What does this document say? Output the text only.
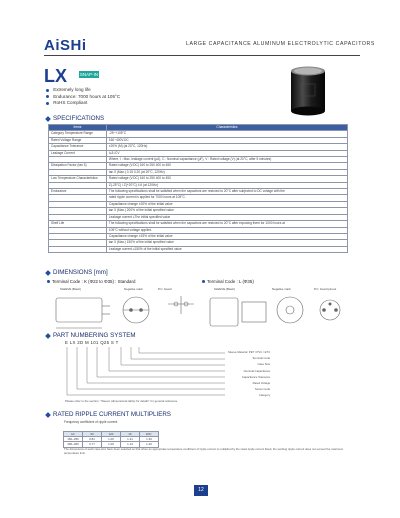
AiSHi	LARGE CAPACITANCE ALUMINUM ELECTROLYTIC CAPACITORS
LX	SNAP-IN
Extremely long life
Endurance: 7000 hours at 105°C
RoHS Compliant
SPECIFICATIONS
Items	Characteristics
Category Temperature Range	-25~+105°C
Rated Voltage Range	160~400V.DC
Capacitance Tolerance	±20% (M) (at 20°C, 120Hz)
Leakage Current	I≤3√CV
	Where, I : Max. leakage current (μA), C : Nominal capacitance (μF), V : Rated voltage (V) (at 20°C, after 5 minutes)
Dissipation Factor (tan δ)	Rated voltage (V.DC) 160 to 250 400 to 450
	tan δ (Max.) 0.15 0.20 (at 20°C, 120Hz)
Low Temperature Characteristics	Rated voltage (V.DC) 160 to 250 400 to 450
	Z(-25°C) / Z(+20°C) 4 6 (at 120Hz)
Endurance	The following specifications shall be satisfied when the capacitors are restored to 20°C after subjected to DC voltage with the
	rated ripple current is applied for 7000 hours at 105°C.
	Capacitance change ±20% of the initial value
	tan δ (Max.) 200% of the initial specified value
	Leakage current ≤The initial specified value
Shelf Life	The following specifications shall be satisfied when the capacitors are restored to 20°C after exposing them for 1000 hours at
	105°C without voltage applied.
	Capacitance change ±15% of the initial value
	tan δ (Max.) 150% of the initial specified value
	Leakage current ≤150% of the initial specified value
DIMENSIONS [mm]
Terminal Code : K (Φ22 to Φ35) : Standard	Terminal Code : L (Φ35)
SLEEVE (Basic)	Negative mark	P.C. board	SLEEVE (Basic)	Negative mark	P.C. board pinout
PART NUMBERING SYSTEM
E LX 2D M 101 Q25 S T
Sleeve Material: PET / PVC / ETC
Terminal Code
Case Size
Nominal Capacitance
Capacitance Tolerance
Rated Voltage
Series Code
Category
Please refer to the section: "Sleeve (dimensional table) for details" for general reference.
RATED RIPPLE CURRENT MULTIPLIERS
Frequency coefficient of ripple current
Hz	60	120	1K	10K↑
160~250	0.81	1.00	1.21	1.30
400~450	0.77	1.00	1.13	1.20
The dimensions of each case size have been selected so that when an appropriate temperature coefficient of ripple current is multiplied by the rated ripple current listed, the working ripple current does not exceed the maximum temperature limit.
12
